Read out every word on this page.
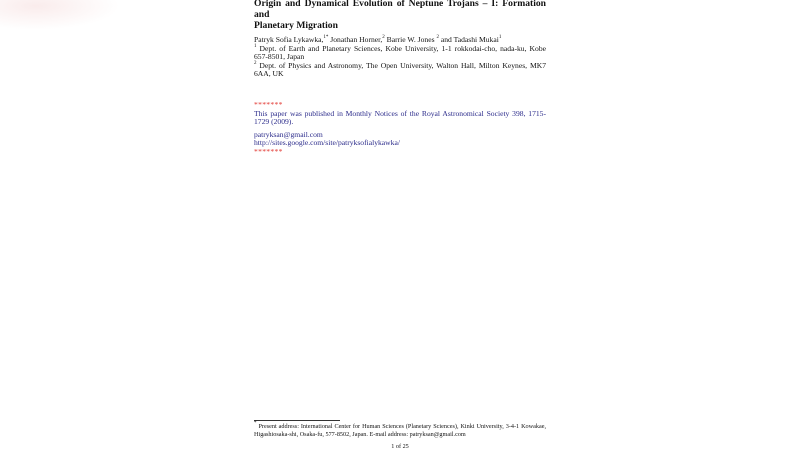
Origin and Dynamical Evolution of Neptune Trojans – I: Formation and
Planetary Migration
Patryk Sofia Lykawka,$^{1*}$ Jonathan Horner,$^2$ Barrie W. Jones $^2$ and Tadashi Mukai$^1$
$^1$ Dept. of Earth and Planetary Sciences, Kobe University, 1-1 rokkodai-cho, nada-ku, Kobe 657-8501, Japan
$^2$ Dept. of Physics and Astronomy, The Open University, Walton Hall, Milton Keynes, MK7 6AA, UK
*******
This paper was published in Monthly Notices of the Royal Astronomical Society 398, 1715-1729 (2009).
patryksan@gmail.com
http://sites.google.com/site/patryksofialykawka/
*******
* Present address: International Center for Human Sciences (Planetary Sciences), Kinki University, 3-4-1 Kowakae, Higashiosaka-shi, Osaka-fu, 577-8502, Japan. E-mail address: patryksan@gmail.com
1 of 25
